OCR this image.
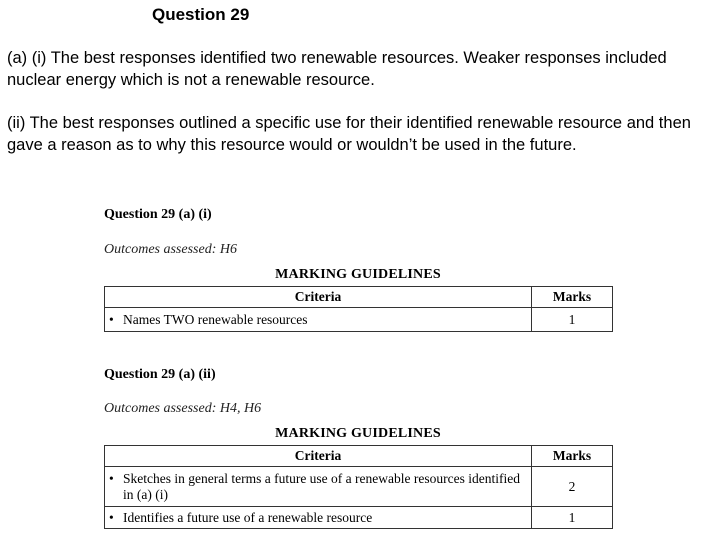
Question 29
(a) (i) The best responses identified two renewable resources. Weaker responses included nuclear energy which is not a renewable resource.
(ii) The best responses outlined a specific use for their identified renewable resource and then gave a reason as to why this resource would or wouldn’t be used in the future.
Question 29 (a) (i)
Outcomes assessed: H6
MARKING GUIDELINES
Criteria	Marks
• Names TWO renewable resources	1
Question 29 (a) (ii)
Outcomes assessed: H4, H6
MARKING GUIDELINES
Criteria	Marks
• Sketches in general terms a future use of a renewable resources identified in (a) (i)	2
• Identifies a future use of a renewable resource	1
